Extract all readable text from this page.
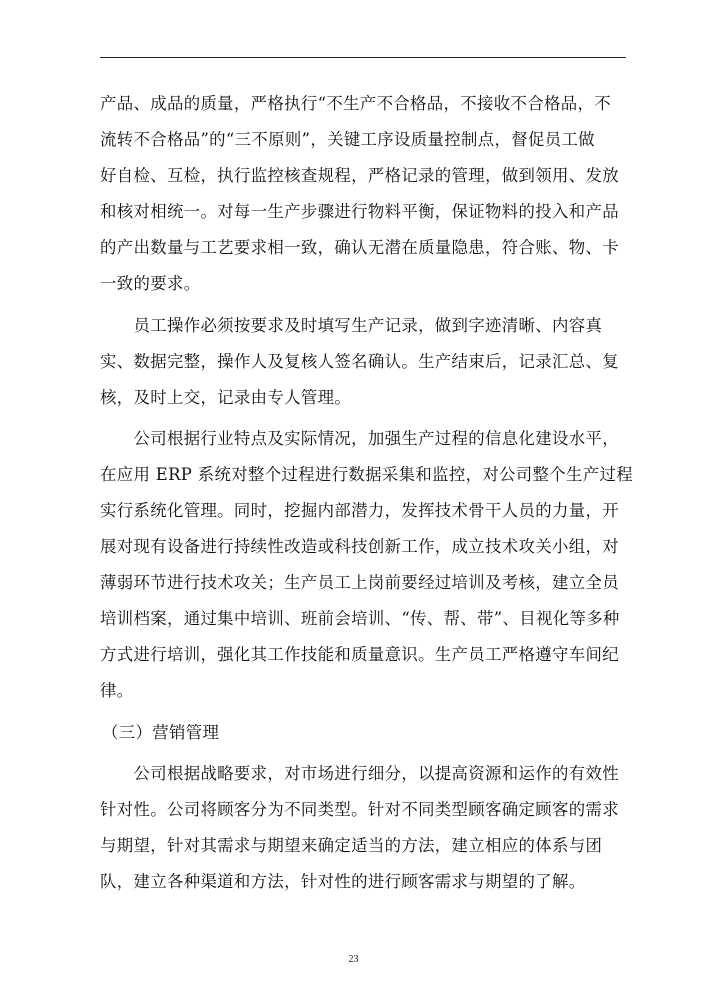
产品、成品的质量，严格执行“不生产不合格品，不接收不合格品，不
流转不合格品”的“三不原则”，关键工序设质量控制点，督促员工做
好自检、互检，执行监控核查规程，严格记录的管理，做到领用、发放
和核对相统一。对每一生产步骤进行物料平衡，保证物料的投入和产品
的产出数量与工艺要求相一致，确认无潜在质量隐患，符合账、物、卡
一致的要求。
　　员工操作必须按要求及时填写生产记录，做到字迹清晰、内容真
实、数据完整，操作人及复核人签名确认。生产结束后，记录汇总、复
核，及时上交，记录由专人管理。
　　公司根据行业特点及实际情况，加强生产过程的信息化建设水平，
在应用 ERP 系统对整个过程进行数据采集和监控，对公司整个生产过程
实行系统化管理。同时，挖掘内部潜力，发挥技术骨干人员的力量，开
展对现有设备进行持续性改造或科技创新工作，成立技术攻关小组，对
薄弱环节进行技术攻关；生产员工上岗前要经过培训及考核，建立全员
培训档案，通过集中培训、班前会培训、“传、帮、带”、目视化等多种
方式进行培训，强化其工作技能和质量意识。生产员工严格遵守车间纪
律。
（三）营销管理
　　公司根据战略要求，对市场进行细分，以提高资源和运作的有效性
针对性。公司将顾客分为不同类型。针对不同类型顾客确定顾客的需求
与期望，针对其需求与期望来确定适当的方法，建立相应的体系与团
队，建立各种渠道和方法，针对性的进行顾客需求与期望的了解。
23
